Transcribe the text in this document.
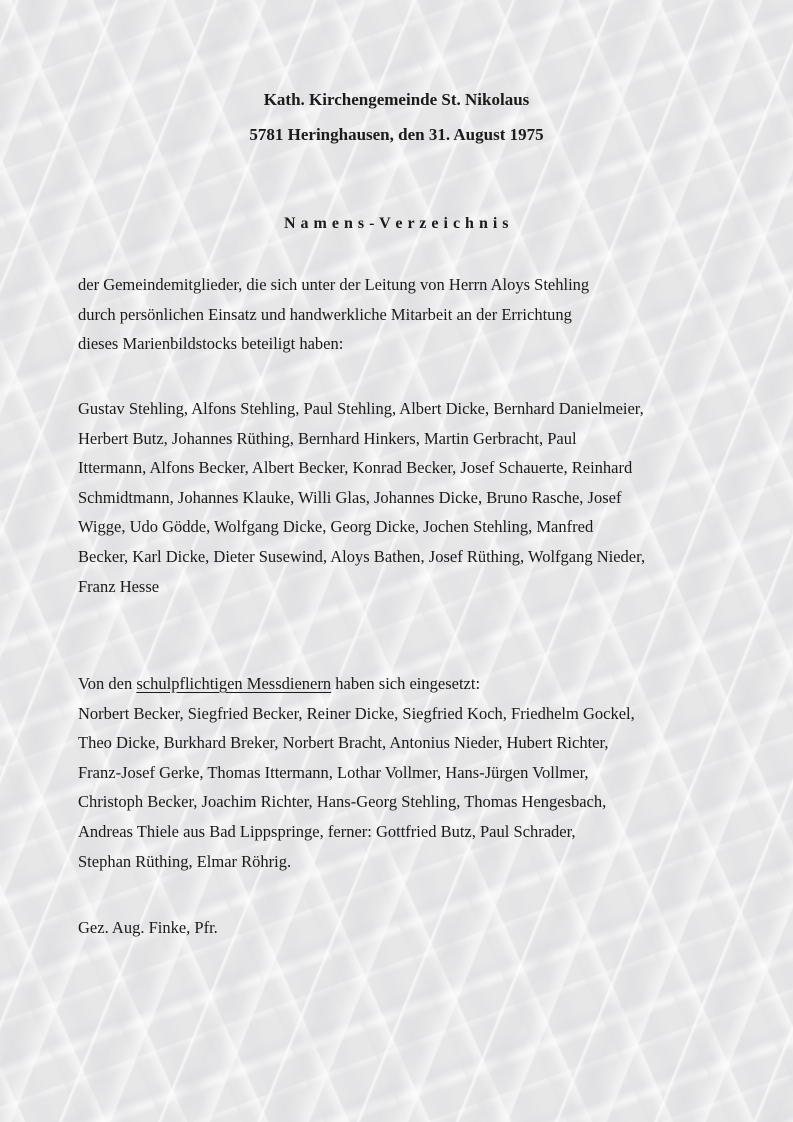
Kath. Kirchengemeinde St. Nikolaus
5781 Heringhausen, den 31. August 1975
N a m e n s - V e r z e i c h n i s
der Gemeindemitglieder, die sich unter der Leitung von Herrn Aloys Stehling
durch persönlichen Einsatz und handwerkliche Mitarbeit an der Errichtung
dieses Marienbildstocks beteiligt haben:
Gustav Stehling, Alfons Stehling, Paul Stehling, Albert Dicke, Bernhard Danielmeier,
Herbert Butz, Johannes Rüthing, Bernhard Hinkers, Martin Gerbracht, Paul
Ittermann, Alfons Becker, Albert Becker, Konrad Becker, Josef Schauerte, Reinhard
Schmidtmann, Johannes Klauke, Willi Glas, Johannes Dicke, Bruno Rasche, Josef
Wigge, Udo Gödde, Wolfgang Dicke, Georg Dicke, Jochen Stehling, Manfred
Becker, Karl Dicke, Dieter Susewind, Aloys Bathen, Josef Rüthing, Wolfgang Nieder,
Franz Hesse
Von den schulpflichtigen Messdienern haben sich eingesetzt:
Norbert Becker, Siegfried Becker, Reiner Dicke, Siegfried Koch, Friedhelm Gockel,
Theo Dicke, Burkhard Breker, Norbert Bracht, Antonius Nieder, Hubert Richter,
Franz-Josef Gerke, Thomas Ittermann, Lothar Vollmer, Hans-Jürgen Vollmer,
Christoph Becker, Joachim Richter, Hans-Georg Stehling, Thomas Hengesbach,
Andreas Thiele aus Bad Lippspringe, ferner: Gottfried Butz, Paul Schrader,
Stephan Rüthing, Elmar Röhrig.
Gez. Aug. Finke, Pfr.
